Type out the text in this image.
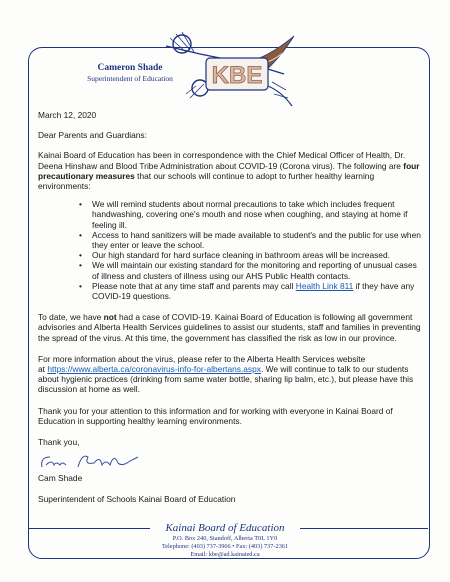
Cameron Shade
Superintendent of Education	KBE

March 12, 2020

Dear Parents and Guardians:

Kainai Board of Education has been in correspondence with the Chief Medical Officer of Health, Dr. Deena Hinshaw and Blood Tribe Administration about COVID-19 (Corona virus). The following are four precautionary measures that our schools will continue to adopt to further healthy learning environments:

• We will remind students about normal precautions to take which includes frequent handwashing, covering one's mouth and nose when coughing, and staying at home if feeling ill.
• Access to hand sanitizers will be made available to student's and the public for use when they enter or leave the school.
• Our high standard for hard surface cleaning in bathroom areas will be increased.
• We will maintain our existing standard for the monitoring and reporting of unusual cases of illness and clusters of illness using our AHS Public Health contacts.
• Please note that at any time staff and parents may call Health Link 811 if they have any COVID-19 questions.

To date, we have not had a case of COVID-19. Kainai Board of Education is following all government advisories and Alberta Health Services guidelines to assist our students, staff and families in preventing the spread of the virus. At this time, the government has classified the risk as low in our province.

For more information about the virus, please refer to the Alberta Health Services website
at https://www.alberta.ca/coronavirus-info-for-albertans.aspx. We will continue to talk to our students about hygienic practices (drinking from same water bottle, sharing lip balm, etc.), but please have this discussion at home as well.

Thank you for your attention to this information and for working with everyone in Kainai Board of Education in supporting healthy learning environments.

Thank you,

Cam Shade

Superintendent of Schools Kainai Board of Education

Kainai Board of Education
P.O. Box 240, Standoff, Alberta T0L 1Y0
Telephone: (403) 737-3966 • Fax: (403) 737-2361
Email: kbe@ad.kainaied.ca
